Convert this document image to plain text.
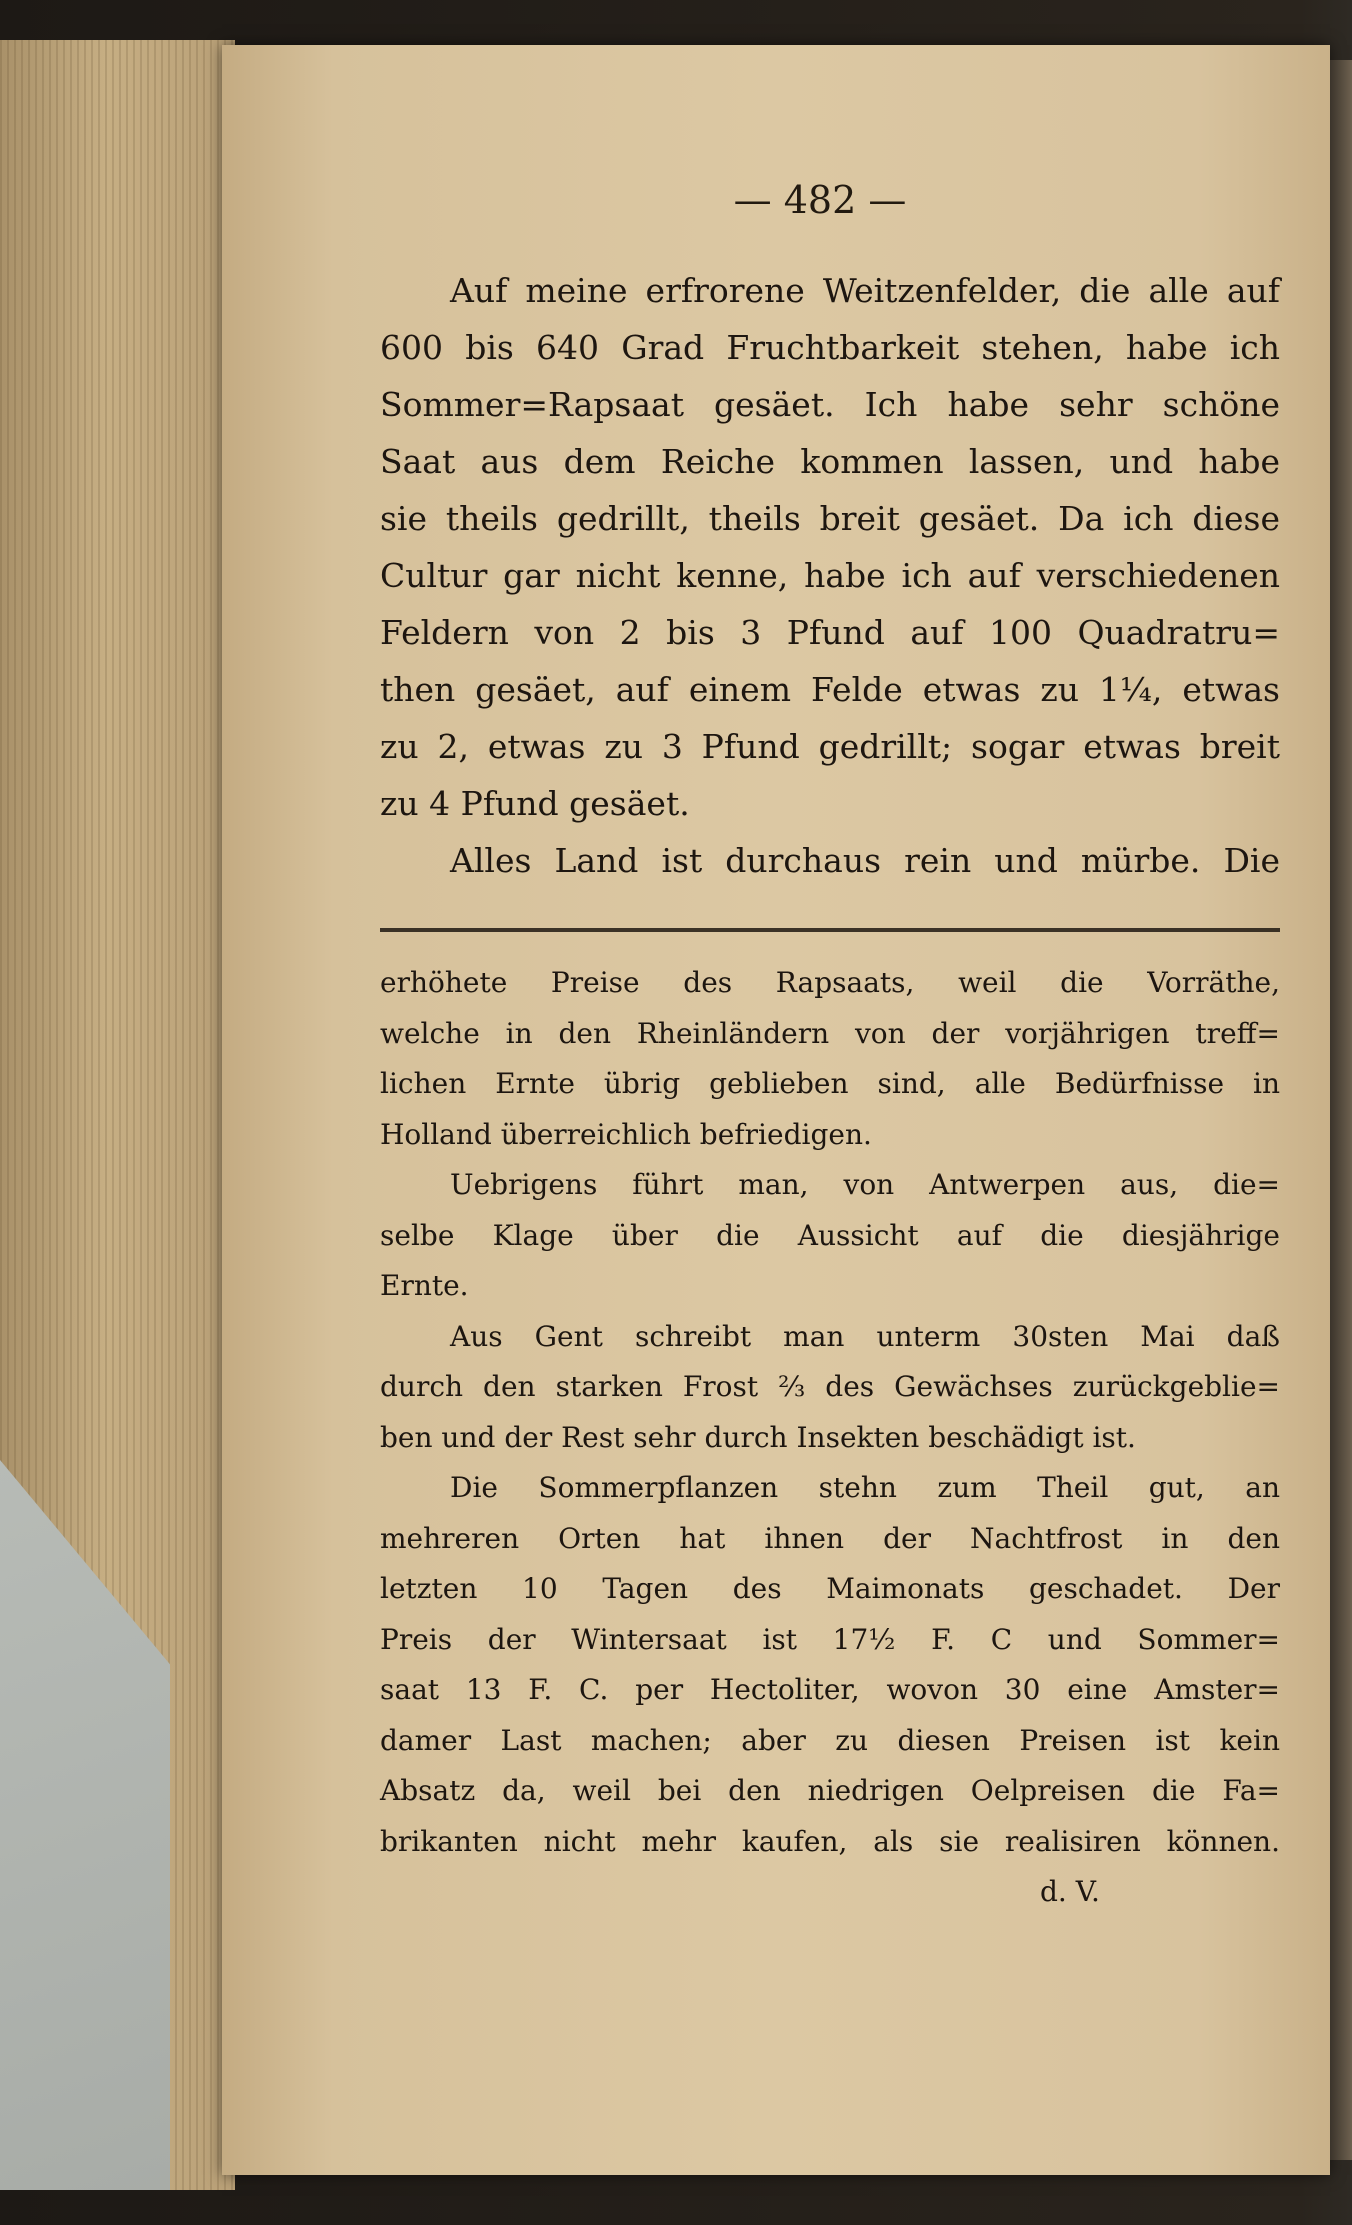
— 482 —
Auf meine erfrorene Weitzenfelder, die alle auf
600 bis 640 Grad Fruchtbarkeit stehen, habe ich
Sommer=Rapsaat gesäet. Ich habe sehr schöne
Saat aus dem Reiche kommen lassen, und habe
sie theils gedrillt, theils breit gesäet. Da ich diese
Cultur gar nicht kenne, habe ich auf verschiedenen
Feldern von 2 bis 3 Pfund auf 100 Quadratru=
then gesäet, auf einem Felde etwas zu 1¼, etwas
zu 2, etwas zu 3 Pfund gedrillt; sogar etwas breit
zu 4 Pfund gesäet.
Alles Land ist durchaus rein und mürbe. Die
erhöhete Preise des Rapsaats, weil die Vorräthe,
welche in den Rheinländern von der vorjährigen treff=
lichen Ernte übrig geblieben sind, alle Bedürfnisse in
Holland überreichlich befriedigen.
Uebrigens führt man, von Antwerpen aus, die=
selbe Klage über die Aussicht auf die diesjährige
Ernte.
Aus Gent schreibt man unterm 30sten Mai daß
durch den starken Frost ⅔ des Gewächses zurückgeblie=
ben und der Rest sehr durch Insekten beschädigt ist.
Die Sommerpflanzen stehn zum Theil gut, an
mehreren Orten hat ihnen der Nachtfrost in den
letzten 10 Tagen des Maimonats geschadet. Der
Preis der Wintersaat ist 17½ F. C und Sommer=
saat 13 F. C. per Hectoliter, wovon 30 eine Amster=
damer Last machen; aber zu diesen Preisen ist kein
Absatz da, weil bei den niedrigen Oelpreisen die Fa=
brikanten nicht mehr kaufen, als sie realisiren können.
d. V.
